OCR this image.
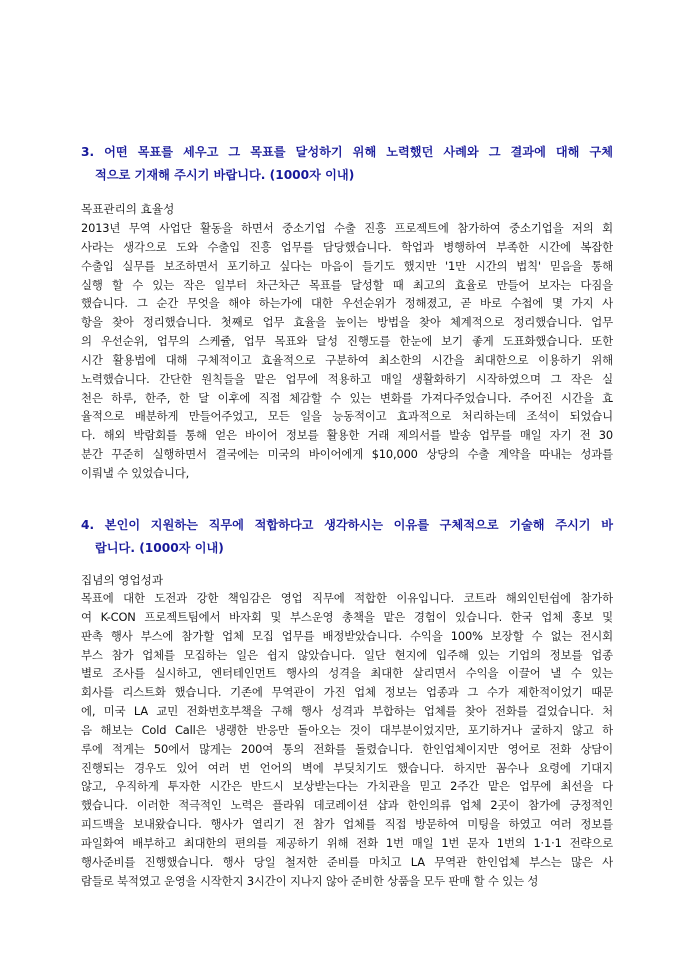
3. 어떤 목표를 세우고 그 목표를 달성하기 위해 노력했던 사례와 그 결과에 대해 구체
적으로 기재해 주시기 바랍니다. (1000자 이내)
목표관리의 효율성
2013년 무역 사업단 활동을 하면서 중소기업 수출 진흥 프로젝트에 참가하여 중소기업을 저의 회
사라는 생각으로 도와 수출입 진흥 업무를 담당했습니다. 학업과 병행하여 부족한 시간에 복잡한
수출입 실무를 보조하면서 포기하고 싶다는 마음이 들기도 했지만 '1만 시간의 법칙' 믿음을 통해
실행 할 수 있는 작은 일부터 차근차근 목표를 달성할 때 최고의 효율로 만들어 보자는 다짐을
했습니다. 그 순간 무엇을 해야 하는가에 대한 우선순위가 정해졌고, 곧 바로 수첩에 몇 가지 사
항을 찾아 정리했습니다. 첫째로 업무 효율을 높이는 방법을 찾아 체계적으로 정리했습니다. 업무
의 우선순위, 업무의 스케쥴, 업무 목표와 달성 진행도를 한눈에 보기 좋게 도표화했습니다. 또한
시간 활용법에 대해 구체적이고 효율적으로 구분하여 최소한의 시간을 최대한으로 이용하기 위해
노력했습니다. 간단한 원칙들을 맡은 업무에 적용하고 매일 생활화하기 시작하였으며 그 작은 실
천은 하루, 한주, 한 달 이후에 직접 체감할 수 있는 변화를 가져다주었습니다. 주어진 시간을 효
율적으로 배분하게 만들어주었고, 모든 일을 능동적이고 효과적으로 처리하는데 조석이 되었습니
다. 해외 박람회를 통해 얻은 바이어 정보를 활용한 거래 제의서를 발송 업무를 매일 자기 전 30
분간 꾸준히 실행하면서 결국에는 미국의 바이어에게 $10,000 상당의 수출 계약을 따내는 성과를
이뤄낼 수 있었습니다,
4. 본인이 지원하는 직무에 적합하다고 생각하시는 이유를 구체적으로 기술해 주시기 바
랍니다. (1000자 이내)
집념의 영업성과
목표에 대한 도전과 강한 책임감은 영업 직무에 적합한 이유입니다. 코트라 해외인턴쉽에 참가하
여 K-CON 프로젝트팀에서 바자회 및 부스운영 총책을 맡은 경험이 있습니다. 한국 업체 홍보 및
판촉 행사 부스에 참가할 업체 모집 업무를 배정받았습니다. 수익을 100% 보장할 수 없는 전시회
부스 참가 업체를 모집하는 일은 쉽지 않았습니다. 일단 현지에 입주해 있는 기업의 정보를 업종
별로 조사를 실시하고, 엔터테인먼트 행사의 성격을 최대한 살리면서 수익을 이끌어 낼 수 있는
회사를 리스트화 했습니다. 기존에 무역관이 가진 업체 정보는 업종과 그 수가 제한적이었기 때문
에, 미국 LA 교민 전화번호부책을 구해 행사 성격과 부합하는 업체를 찾아 전화를 걸었습니다. 처
음 해보는 Cold Call은 냉랭한 반응만 돌아오는 것이 대부분이었지만, 포기하거나 굴하지 않고 하
루에 적게는 50에서 많게는 200여 통의 전화를 돌렸습니다. 한인업체이지만 영어로 전화 상담이
진행되는 경우도 있어 여러 번 언어의 벽에 부딪치기도 했습니다. 하지만 꼼수나 요령에 기대지
않고, 우직하게 투자한 시간은 반드시 보상받는다는 가치관을 믿고 2주간 맡은 업무에 최선을 다
했습니다. 이러한 적극적인 노력은 플라워 데코레이션 샵과 한인의류 업체 2곳이 참가에 긍정적인
피드백을 보내왔습니다. 행사가 열리기 전 참가 업체를 직접 방문하여 미팅을 하였고 여러 정보를
파일화여 배부하고 최대한의 편의를 제공하기 위해 전화 1번 매일 1번 문자 1번의 1·1·1 전략으로
행사준비를 진행했습니다. 행사 당일 철저한 준비를 마치고 LA 무역관 한인업체 부스는 많은 사
람들로 북적였고 운영을 시작한지 3시간이 지나지 않아 준비한 상품을 모두 판매 할 수 있는 성
